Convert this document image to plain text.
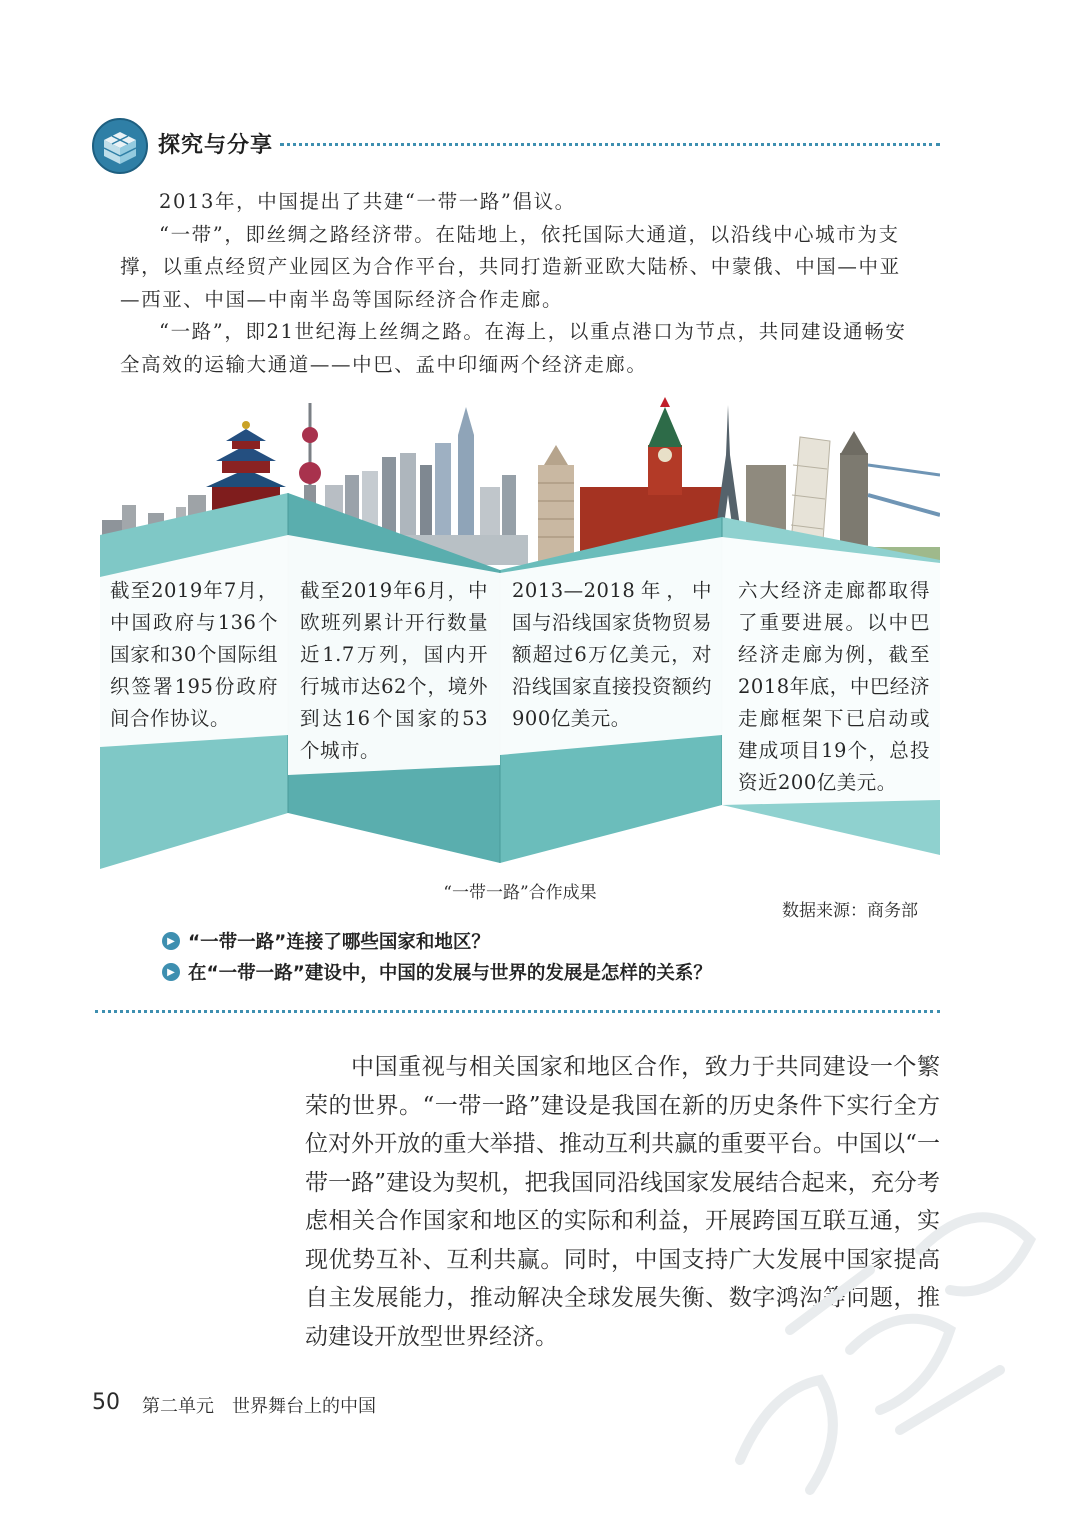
探究与分享

2013年，中国提出了共建“一带一路”倡议。

“一带”，即丝绸之路经济带。在陆地上，依托国际大通道，以沿线中心城市为支撑，以重点经贸产业园区为合作平台，共同打造新亚欧大陆桥、中蒙俄、中国—中亚—西亚、中国—中南半岛等国际经济合作走廊。

“一路”，即21世纪海上丝绸之路。在海上，以重点港口为节点，共同建设通畅安全高效的运输大通道——中巴、孟中印缅两个经济走廊。

截至2019年7月，中国政府与136个国家和30个国际组织签署195份政府间合作协议。
截至2019年6月，中欧班列累计开行数量近1.7万列，国内开行城市达62个，境外到达16个国家的53个城市。
2013—2018年，中国与沿线国家货物贸易额超过6万亿美元，对沿线国家直接投资额约900亿美元。
六大经济走廊都取得了重要进展。以中巴经济走廊为例，截至2018年底，中巴经济走廊框架下已启动或建成项目19个，总投资近200亿美元。
“一带一路”合作成果
数据来源：商务部
▶ “一带一路”连接了哪些国家和地区？
▶ 在“一带一路”建设中，中国的发展与世界的发展是怎样的关系？

中国重视与相关国家和地区合作，致力于共同建设一个繁荣的世界。“一带一路”建设是我国在新的历史条件下实行全方位对外开放的重大举措、推动互利共赢的重要平台。中国以“一带一路”建设为契机，把我国同沿线国家发展结合起来，充分考虑相关合作国家和地区的实际和利益，开展跨国互联互通，实现优势互补、互利共赢。同时，中国支持广大发展中国家提高自主发展能力，推动解决全球发展失衡、数字鸿沟等问题，推动建设开放型世界经济。

50 第二单元　世界舞台上的中国
